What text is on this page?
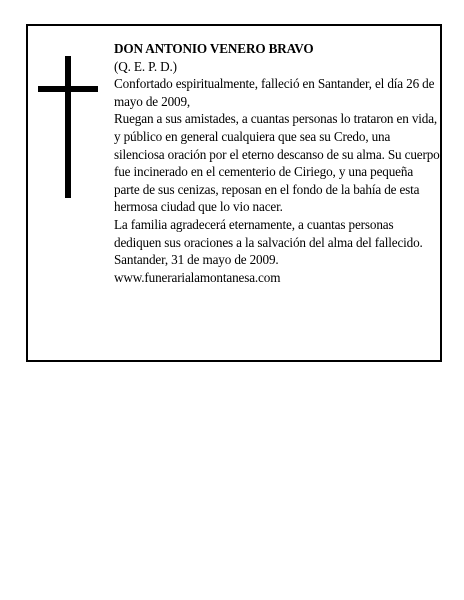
DON ANTONIO VENERO BRAVO
(Q. E. P. D.)
Confortado espiritualmente, falleció en Santander, el día 26 de mayo de 2009,
Ruegan a sus amistades, a cuantas personas lo trataron en vida, y público en general cualquiera que sea su Credo, una silenciosa oración por el eterno descanso de su alma. Su cuerpo fue incinerado en el cementerio de Ciriego, y una pequeña parte de sus cenizas, reposan en el fondo de la bahía de esta hermosa ciudad que lo vio nacer.
La familia agradecerá eternamente, a cuantas personas dediquen sus oraciones a la salvación del alma del fallecido.
Santander, 31 de mayo de 2009.
www.funerarialamontanesa.com
